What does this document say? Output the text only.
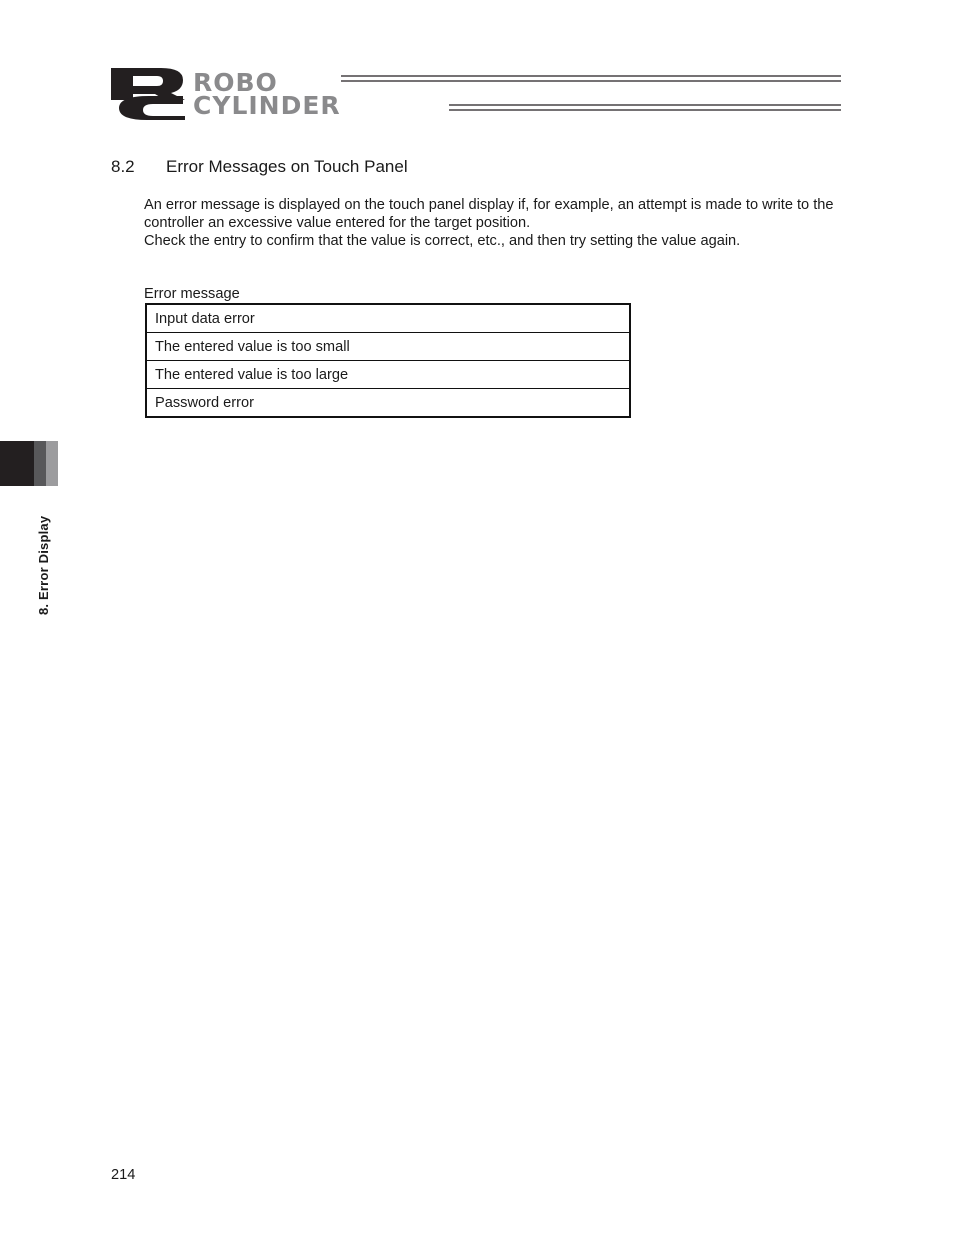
ROBO
CYLINDER
8.2 Error Messages on Touch Panel

An error message is displayed on the touch panel display if, for example, an attempt is made to write to the controller an excessive value entered for the target position.

Check the entry to confirm that the value is correct, etc., and then try setting the value again.

Error message
Input data error
The entered value is too small
The entered value is too large
Password error
8. Error Display
214
